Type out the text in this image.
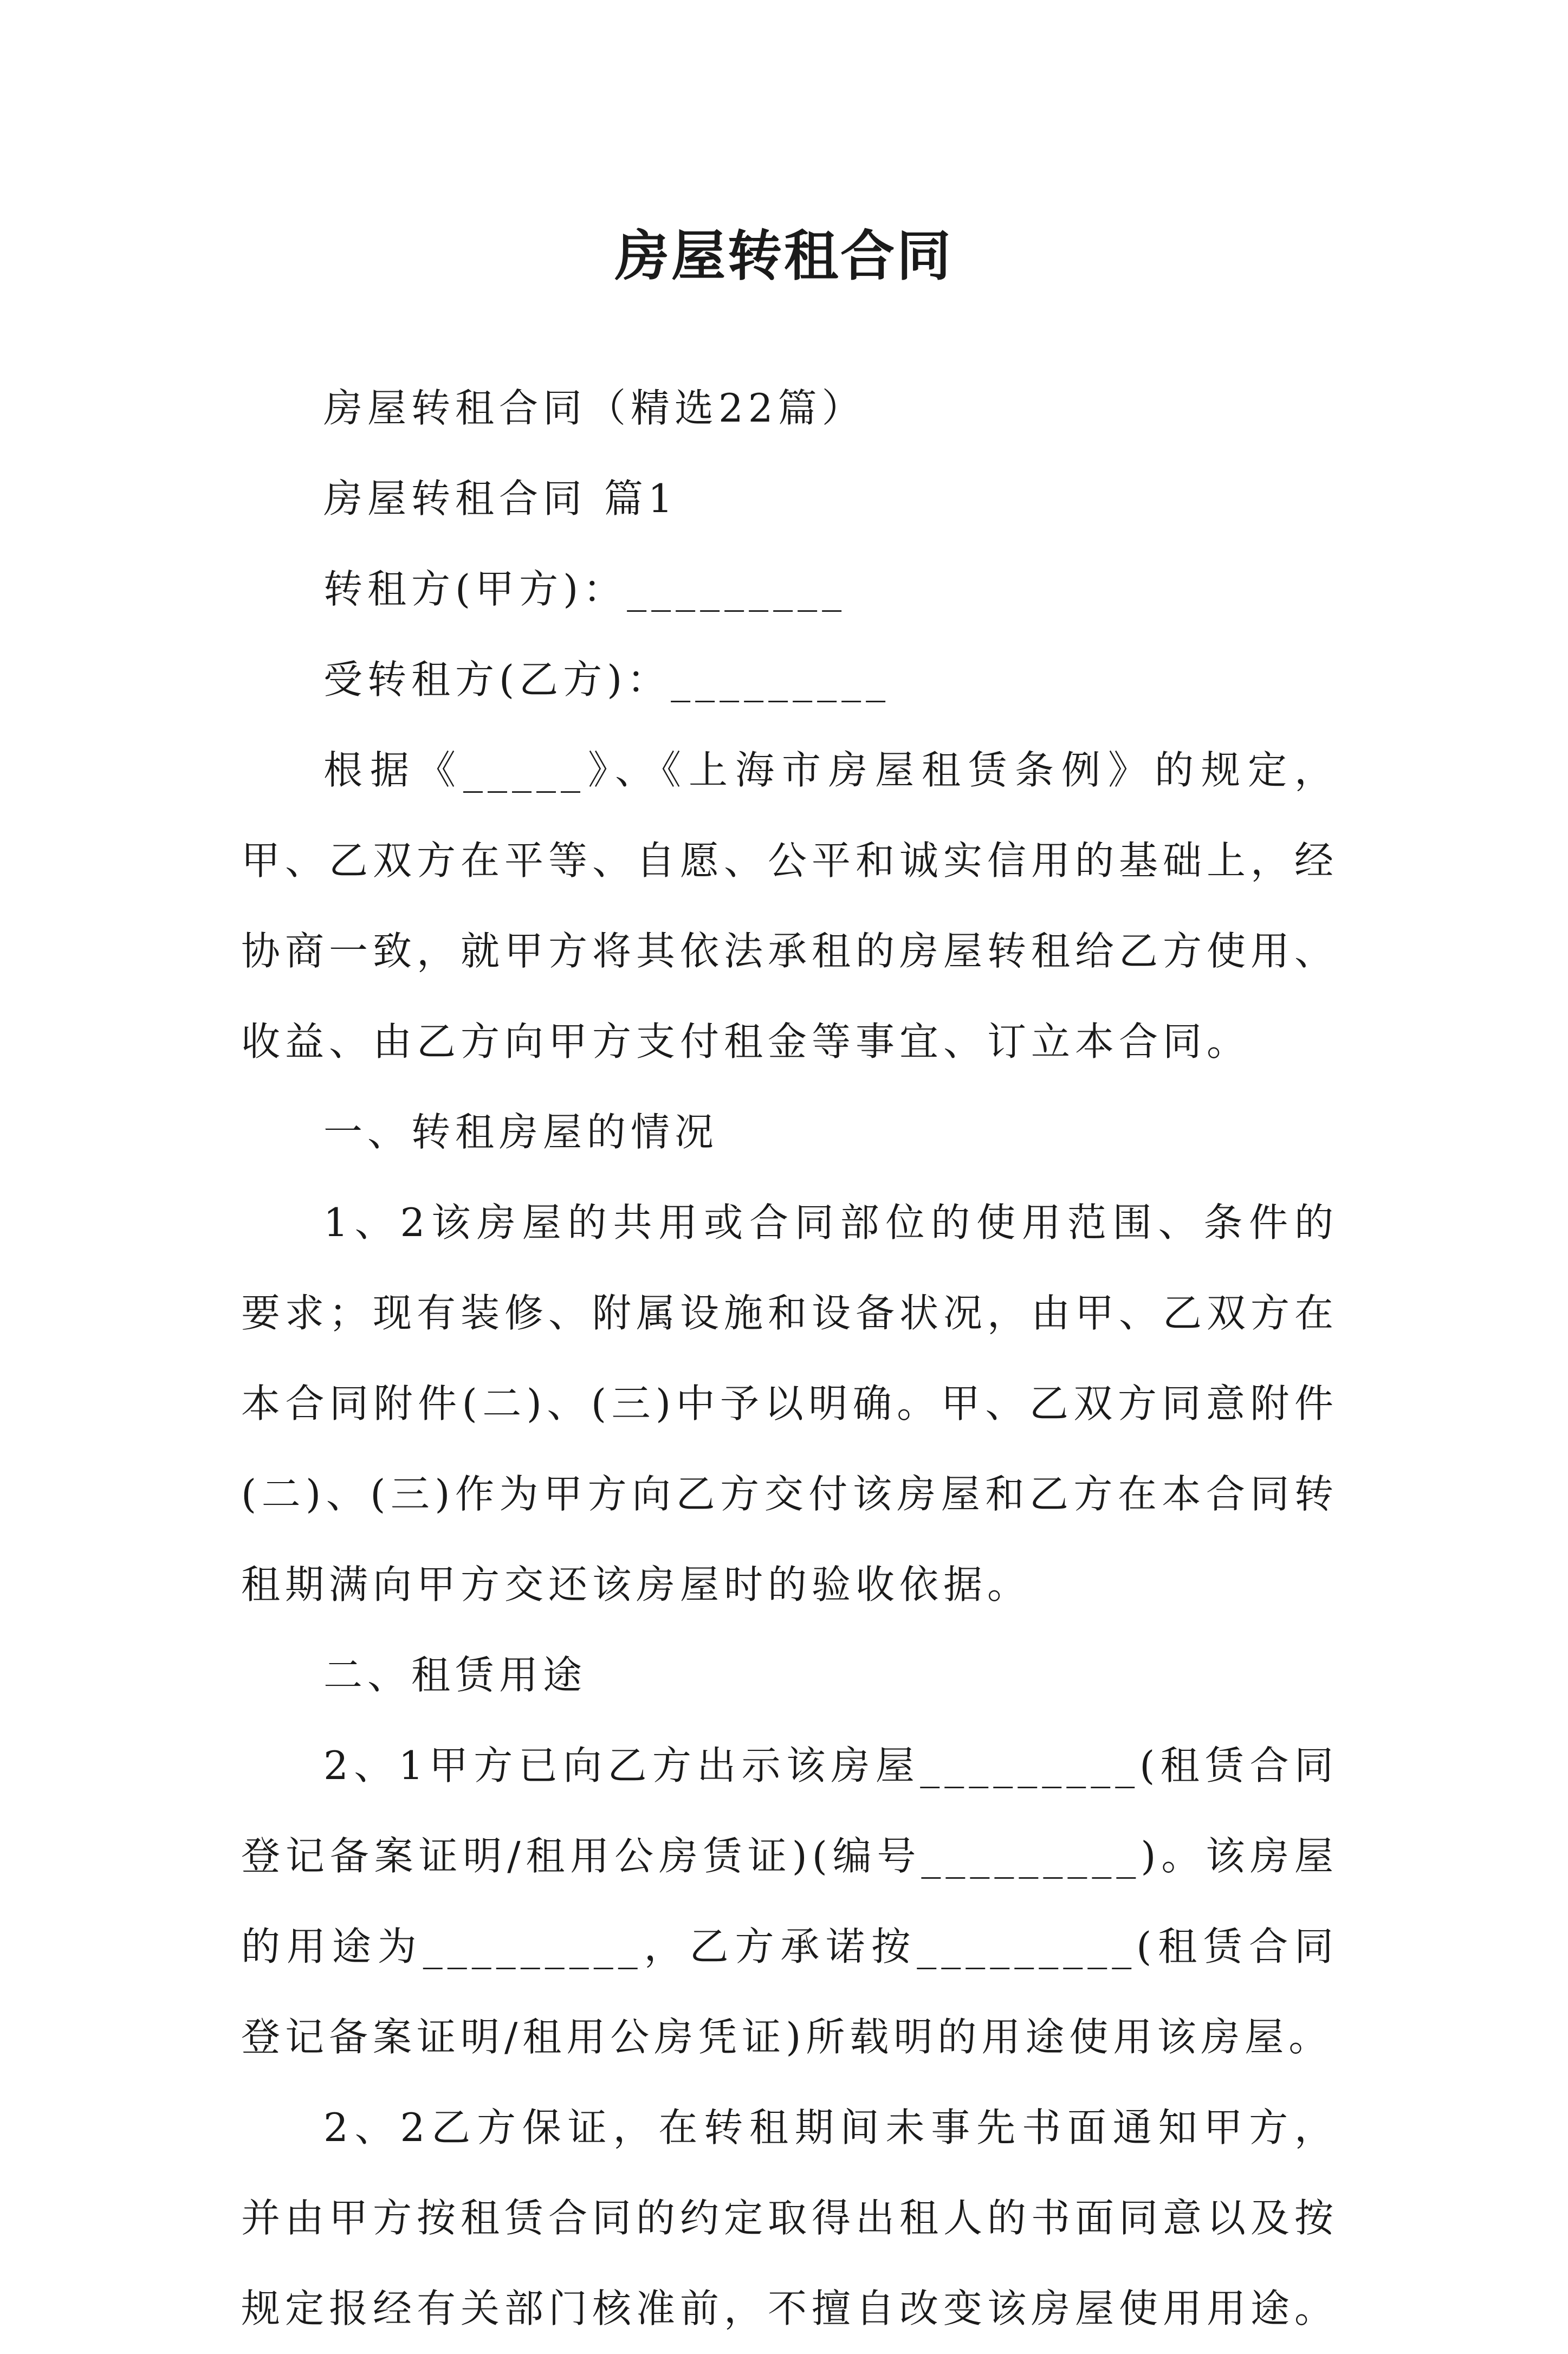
房屋转租合同

房屋转租合同（精选22篇）

房屋转租合同 篇1

转租方(甲方)：_________

受转租方(乙方)：_________

根据《_____》、《上海市房屋租赁条例》的规定，甲、乙双方在平等、自愿、公平和诚实信用的基础上，经协商一致，就甲方将其依法承租的房屋转租给乙方使用、收益、由乙方向甲方支付租金等事宜、订立本合同。

一、转租房屋的情况

1、2该房屋的共用或合同部位的使用范围、条件的要求；现有装修、附属设施和设备状况，由甲、乙双方在本合同附件(二)、(三)中予以明确。甲、乙双方同意附件(二)、(三)作为甲方向乙方交付该房屋和乙方在本合同转租期满向甲方交还该房屋时的验收依据。

二、租赁用途

2、1甲方已向乙方出示该房屋_________(租赁合同登记备案证明/租用公房赁证)(编号_________)。该房屋的用途为_________，乙方承诺按_________(租赁合同登记备案证明/租用公房凭证)所载明的用途使用该房屋。

2、2乙方保证，在转租期间未事先书面通知甲方，并由甲方按租赁合同的约定取得出租人的书面同意以及按规定报经有关部门核准前，不擅自改变该房屋使用用途。
